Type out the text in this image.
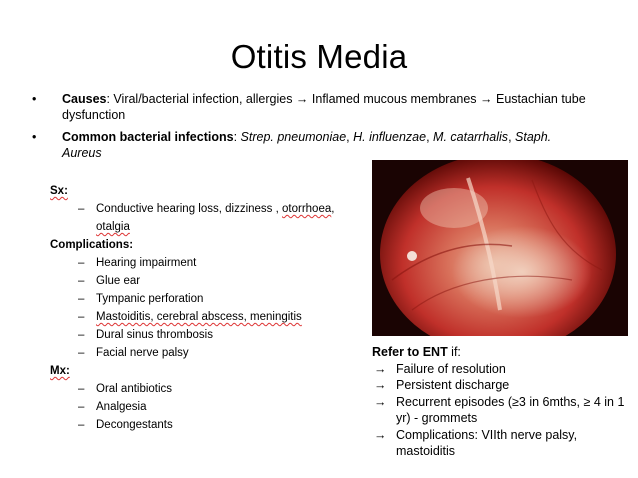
Otitis Media
•	Causes: Viral/bacterial infection, allergies → Inflamed mucous membranes → Eustachian tube dysfunction
•	Common bacterial infections: Strep. pneumoniae, H. influenzae, M. catarrhalis, Staph. Aureus
Sx:
– Conductive hearing loss, dizziness , otorrhoea,
otalgia
Complications:
– Hearing impairment
– Glue ear
– Tympanic perforation
– Mastoiditis, cerebral abscess, meningitis
– Dural sinus thrombosis
– Facial nerve palsy
Mx:
– Oral antibiotics
– Analgesia
– Decongestants
Refer to ENT if:
→ Failure of resolution
→ Persistent discharge
→ Recurrent episodes (≥3 in 6mths, ≥ 4 in 1 yr) - grommets
→ Complications: VIIth nerve palsy, mastoiditis
